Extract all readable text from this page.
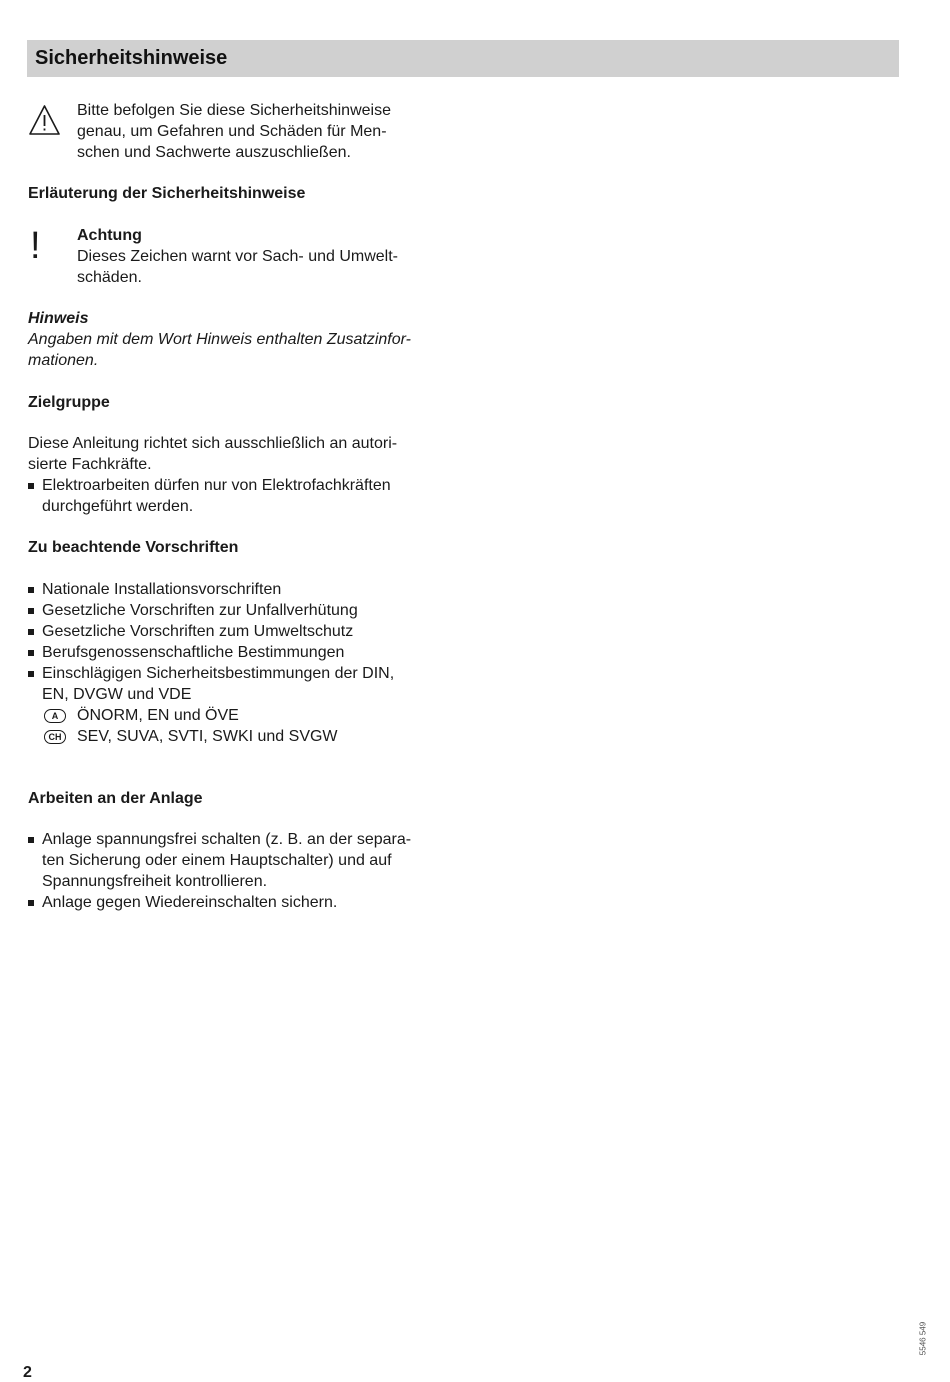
Sicherheitshinweise
Bitte befolgen Sie diese Sicherheitshinweise
genau, um Gefahren und Schäden für Men-
schen und Sachwerte auszuschließen.
Erläuterung der Sicherheitshinweise
! Achtung
Dieses Zeichen warnt vor Sach- und Umwelt-
schäden.
Hinweis
Angaben mit dem Wort Hinweis enthalten Zusatzinfor-
mationen.
Zielgruppe
Diese Anleitung richtet sich ausschließlich an autori-
sierte Fachkräfte.
Elektroarbeiten dürfen nur von Elektrofachkräften
durchgeführt werden.
Zu beachtende Vorschriften
Nationale Installationsvorschriften
Gesetzliche Vorschriften zur Unfallverhütung
Gesetzliche Vorschriften zum Umweltschutz
Berufsgenossenschaftliche Bestimmungen
Einschlägigen Sicherheitsbestimmungen der DIN,
EN, DVGW und VDE
A	ÖNORM, EN und ÖVE
CH SEV, SUVA, SVTI, SWKI und SVGW
Arbeiten an der Anlage
Anlage spannungsfrei schalten (z. B. an der separa-
ten Sicherung oder einem Hauptschalter) und auf
Spannungsfreiheit kontrollieren.
Anlage gegen Wiedereinschalten sichern.
5546 549
2
